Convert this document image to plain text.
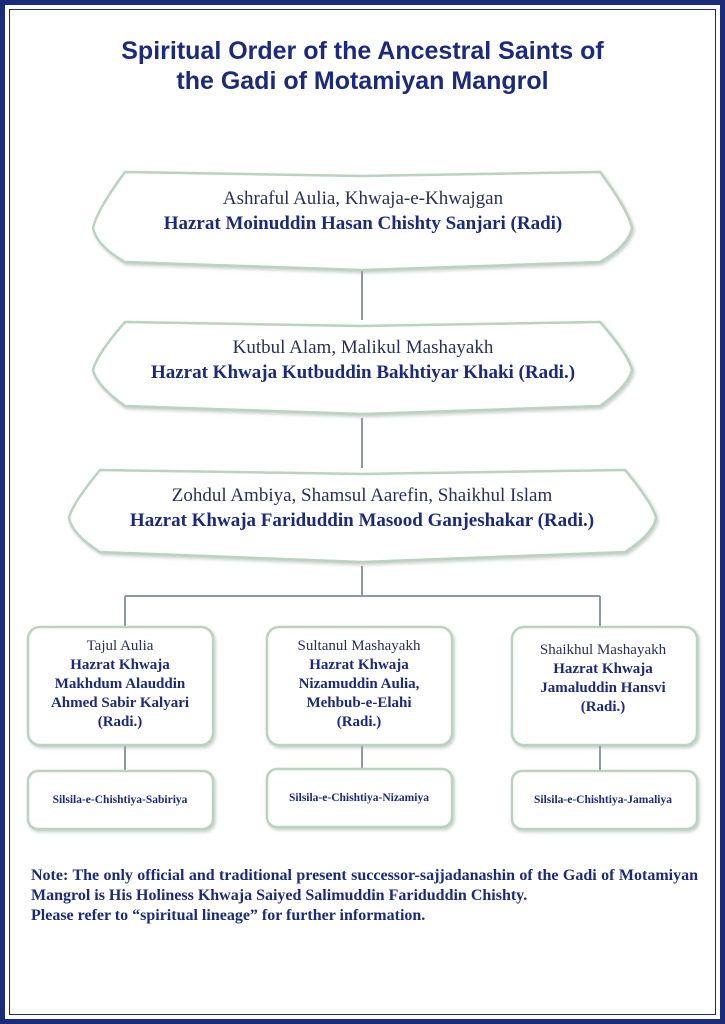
Spiritual Order of the Ancestral Saints of
the Gadi of Motamiyan Mangrol
Ashraful Aulia, Khwaja-e-Khwajgan
Hazrat Moinuddin Hasan Chishty Sanjari (Radi)
Kutbul Alam, Malikul Mashayakh
Hazrat Khwaja Kutbuddin Bakhtiyar Khaki (Radi.)
Zohdul Ambiya, Shamsul Aarefin, Shaikhul Islam
Hazrat Khwaja Fariduddin Masood Ganjeshakar (Radi.)
Tajul Aulia
Hazrat Khwaja
Makhdum Alauddin
Ahmed Sabir Kalyari
(Radi.)
Sultanul Mashayakh
Hazrat Khwaja
Nizamuddin Aulia,
Mehbub-e-Elahi
(Radi.)
Shaikhul Mashayakh
Hazrat Khwaja
Jamaluddin Hansvi
(Radi.)
Silsila-e-Chishtiya-Sabiriya	Silsila-e-Chishtiya-Nizamiya	Silsila-e-Chishtiya-Jamaliya
Note: The only official and traditional present successor-sajjadanashin of the Gadi of Motamiyan Mangrol is His Holiness Khwaja Saiyed Salimuddin Fariduddin Chishty.
Please refer to “spiritual lineage” for further information.
